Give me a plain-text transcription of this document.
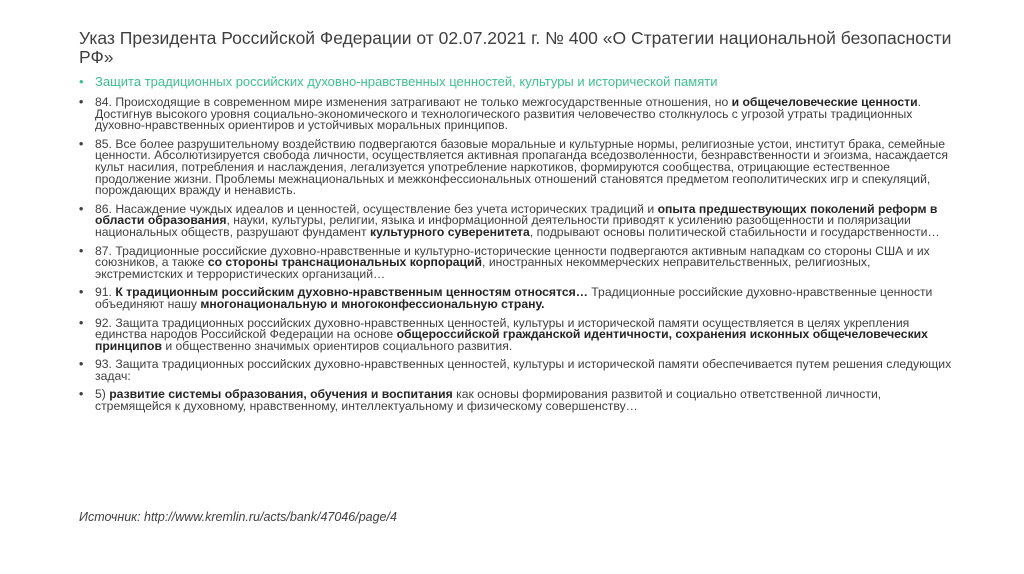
Указ Президента Российской Федерации от 02.07.2021 г. № 400 «О Стратегии национальной безопасности РФ»

• Защита традиционных российских духовно-нравственных ценностей, культуры и исторической памяти

• 84. Происходящие в современном мире изменения затрагивают не только межгосударственные отношения, но и общечеловеческие ценности. Достигнув высокого уровня социально-экономического и технологического развития человечество столкнулось с угрозой утраты традиционных духовно-нравственных ориентиров и устойчивых моральных принципов.
• 85. Все более разрушительному воздействию подвергаются базовые моральные и культурные нормы, религиозные устои, институт брака, семейные ценности. Абсолютизируется свобода личности, осуществляется активная пропаганда вседозволенности, безнравственности и эгоизма, насаждается культ насилия, потребления и наслаждения, легализуется употребление наркотиков, формируются сообщества, отрицающие естественное продолжение жизни. Проблемы межнациональных и межконфессиональных отношений становятся предметом геополитических игр и спекуляций, порождающих вражду и ненависть.
• 86. Насаждение чуждых идеалов и ценностей, осуществление без учета исторических традиций и опыта предшествующих поколений реформ в области образования, науки, культуры, религии, языка и информационной деятельности приводят к усилению разобщенности и поляризации национальных обществ, разрушают фундамент культурного суверенитета, подрывают основы политической стабильности и государственности…
• 87. Традиционные российские духовно-нравственные и культурно-исторические ценности подвергаются активным нападкам со стороны США и их союзников, а также со стороны транснациональных корпораций, иностранных некоммерческих неправительственных, религиозных, экстремистских и террористических организаций…
• 91. К традиционным российским духовно-нравственным ценностям относятся… Традиционные российские духовно-нравственные ценности объединяют нашу многонациональную и многоконфессиональную страну.
• 92. Защита традиционных российских духовно-нравственных ценностей, культуры и исторической памяти осуществляется в целях укрепления единства народов Российской Федерации на основе общероссийской гражданской идентичности, сохранения исконных общечеловеческих принципов и общественно значимых ориентиров социального развития.
• 93. Защита традиционных российских духовно-нравственных ценностей, культуры и исторической памяти обеспечивается путем решения следующих задач:
• 5) развитие системы образования, обучения и воспитания как основы формирования развитой и социально ответственной личности, стремящейся к духовному, нравственному, интеллектуальному и физическому совершенству…

Источник: http://www.kremlin.ru/acts/bank/47046/page/4
